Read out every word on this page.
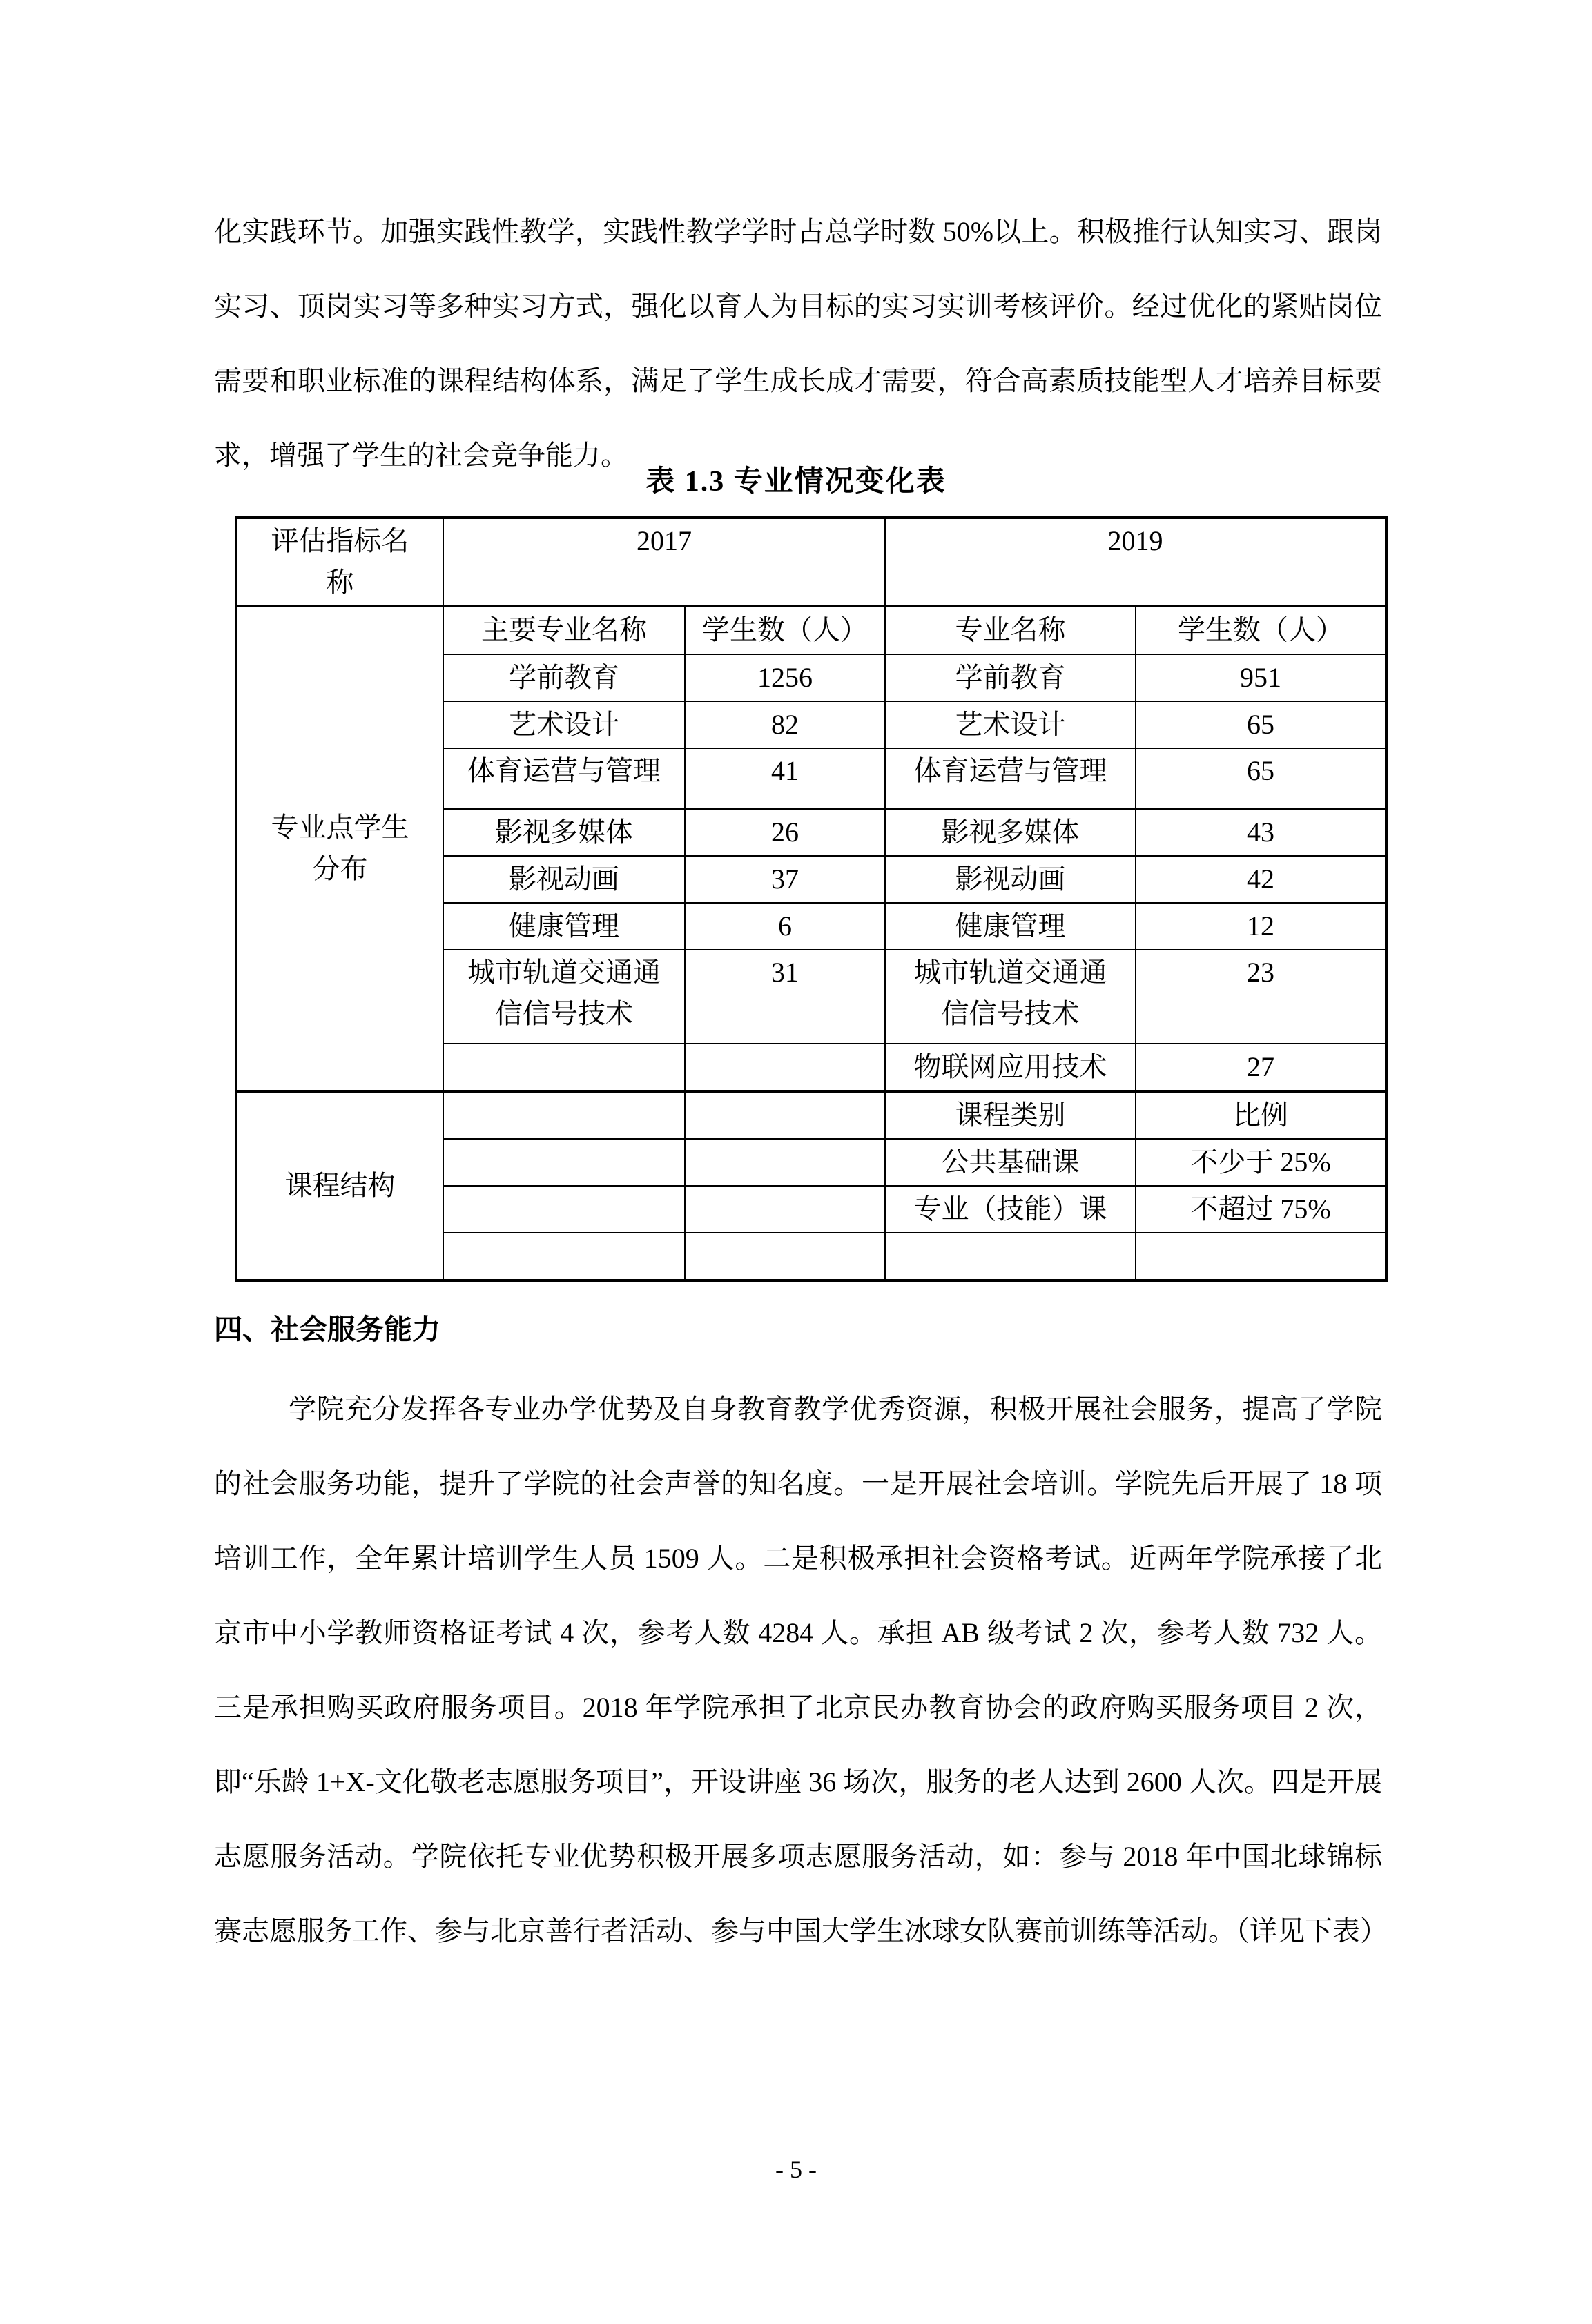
化实践环节。加强实践性教学，实践性教学学时占总学时数 50%以上。积极推行认知实习、跟岗实习、顶岗实习等多种实习方式，强化以育人为目标的实习实训考核评价。经过优化的紧贴岗位需要和职业标准的课程结构体系，满足了学生成长成才需要，符合高素质技能型人才培养目标要求，增强了学生的社会竞争能力。
表 1.3 专业情况变化表
评估指标名称	2017		2019	
专业点学生分布	主要专业名称	学生数（人）	专业名称	学生数（人）
	学前教育	1256	学前教育	951
	艺术设计	82	艺术设计	65
	体育运营与管理	41	体育运营与管理	65
	影视多媒体	26	影视多媒体	43
	影视动画	37	影视动画	42
	健康管理	6	健康管理	12
	城市轨道交通通信信号技术	31	城市轨道交通通信信号技术	23
			物联网应用技术	27
课程结构			课程类别	比例
			公共基础课	不少于 25%
			专业（技能）课	不超过 75%

四、社会服务能力
学院充分发挥各专业办学优势及自身教育教学优秀资源，积极开展社会服务，提高了学院的社会服务功能，提升了学院的社会声誉的知名度。一是开展社会培训。学院先后开展了 18 项培训工作，全年累计培训学生人员 1509 人。二是积极承担社会资格考试。近两年学院承接了北京市中小学教师资格证考试 4 次，参考人数 4284 人。承担 AB 级考试 2 次，参考人数 732 人。三是承担购买政府服务项目。2018 年学院承担了北京民办教育协会的政府购买服务项目 2 次，即“乐龄 1+X-文化敬老志愿服务项目”，开设讲座 36 场次，服务的老人达到 2600 人次。四是开展志愿服务活动。学院依托专业优势积极开展多项志愿服务活动，如：参与 2018 年中国北球锦标赛志愿服务工作、参与北京善行者活动、参与中国大学生冰球女队赛前训练等活动。（详见下表）
- 5 -
